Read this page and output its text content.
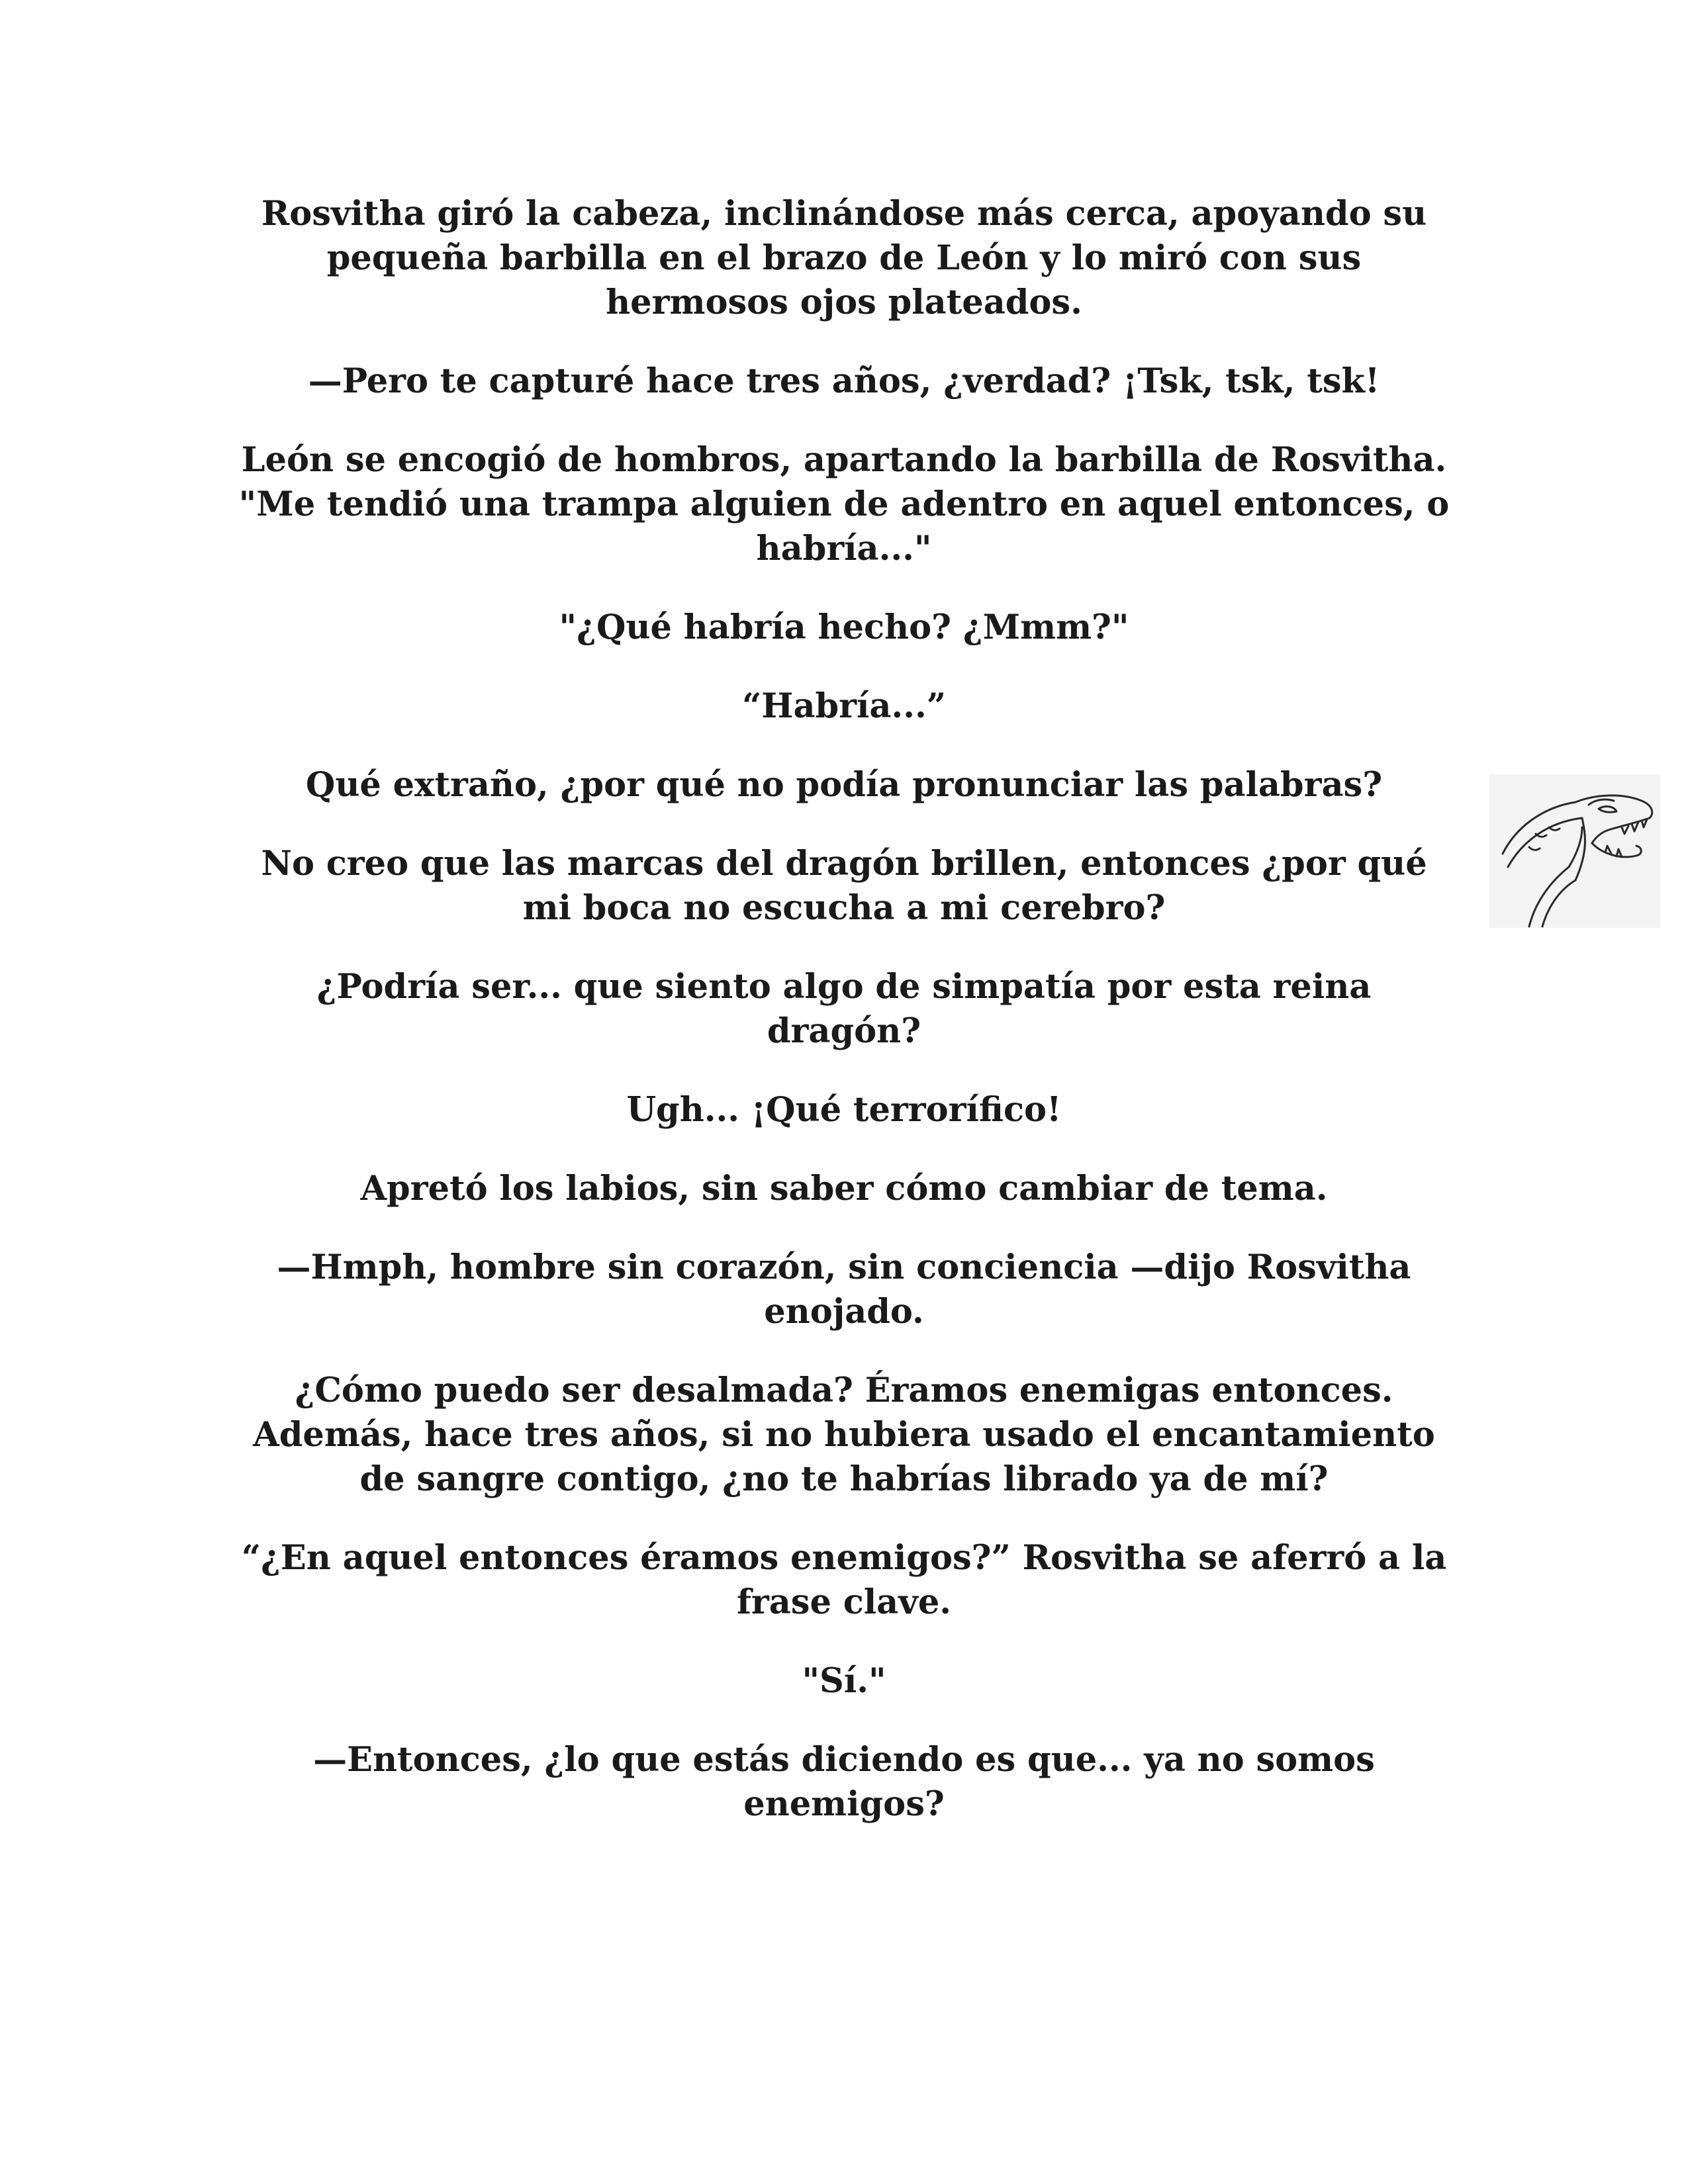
Rosvitha giró la cabeza, inclinándose más cerca, apoyando su pequeña barbilla en el brazo de León y lo miró con sus hermosos ojos plateados.

—Pero te capturé hace tres años, ¿verdad? ¡Tsk, tsk, tsk!

León se encogió de hombros, apartando la barbilla de Rosvitha. "Me tendió una trampa alguien de adentro en aquel entonces, o habría..."

"¿Qué habría hecho? ¿Mmm?"

“Habría...”

Qué extraño, ¿por qué no podía pronunciar las palabras?

No creo que las marcas del dragón brillen, entonces ¿por qué mi boca no escucha a mi cerebro?

¿Podría ser... que siento algo de simpatía por esta reina dragón?

Ugh... ¡Qué terrorífico!

Apretó los labios, sin saber cómo cambiar de tema.

—Hmph, hombre sin corazón, sin conciencia —dijo Rosvitha enojado.

¿Cómo puedo ser desalmada? Éramos enemigas entonces. Además, hace tres años, si no hubiera usado el encantamiento de sangre contigo, ¿no te habrías librado ya de mí?

“¿En aquel entonces éramos enemigos?” Rosvitha se aferró a la frase clave.

"Sí."

—Entonces, ¿lo que estás diciendo es que... ya no somos enemigos?
